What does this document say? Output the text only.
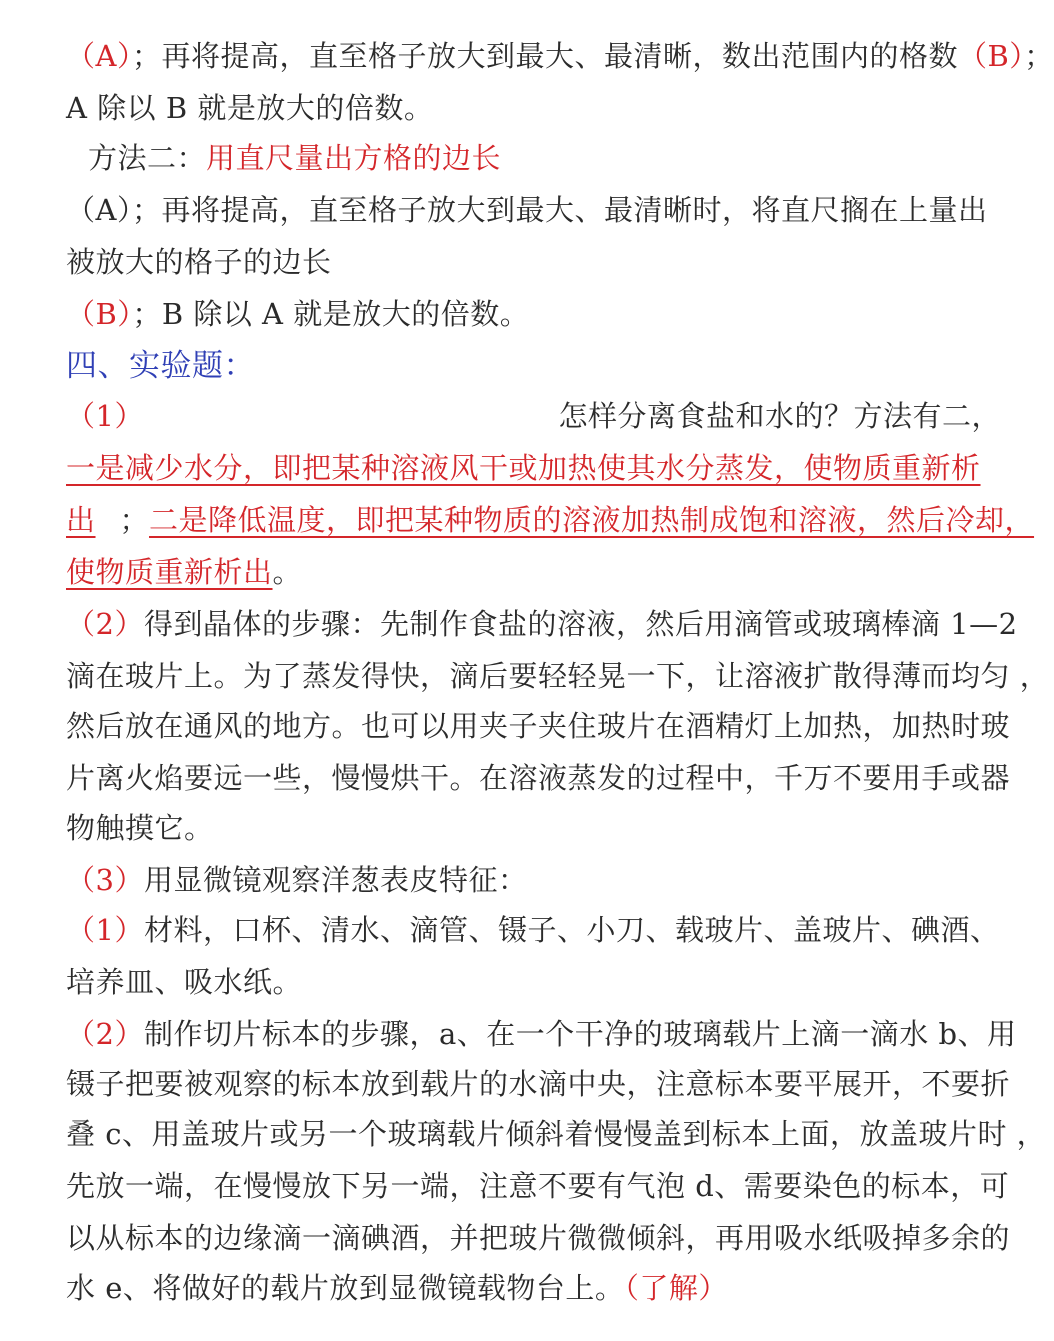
（A）；再将提高，直至格子放大到最大、最清晰，数出范围内的格数（B）；
A 除以 B 就是放大的倍数。
方法二：用直尺量出方格的边长
（A）；再将提高，直至格子放大到最大、最清晰时，将直尺搁在上量出
被放大的格子的边长
（B）；B 除以 A 就是放大的倍数。
四、实验题：
（1）	怎样分离食盐和水的？方法有二，
一是减少水分，即把某种溶液风干或加热使其水分蒸发，使物质重新析
出 ；二是降低温度，即把某种物质的溶液加热制成饱和溶液，然后冷却，
使物质重新析出。
（2）得到晶体的步骤：先制作食盐的溶液，然后用滴管或玻璃棒滴 1—2
滴在玻片上。为了蒸发得快，滴后要轻轻晃一下，让溶液扩散得薄而均匀 ，
然后放在通风的地方。也可以用夹子夹住玻片在酒精灯上加热，加热时玻
片离火焰要远一些，慢慢烘干。在溶液蒸发的过程中，千万不要用手或器
物触摸它。
（3）用显微镜观察洋葱表皮特征：
（1）材料，口杯、清水、滴管、镊子、小刀、载玻片、盖玻片、碘酒、
培养皿、吸水纸。
（2）制作切片标本的步骤，a、在一个干净的玻璃载片上滴一滴水 b、用
镊子把要被观察的标本放到载片的水滴中央，注意标本要平展开，不要折
叠 c、用盖玻片或另一个玻璃载片倾斜着慢慢盖到标本上面，放盖玻片时 ，
先放一端，在慢慢放下另一端，注意不要有气泡 d、需要染色的标本，可
以从标本的边缘滴一滴碘酒，并把玻片微微倾斜，再用吸水纸吸掉多余的
水 e、将做好的载片放到显微镜载物台上。（了解）
